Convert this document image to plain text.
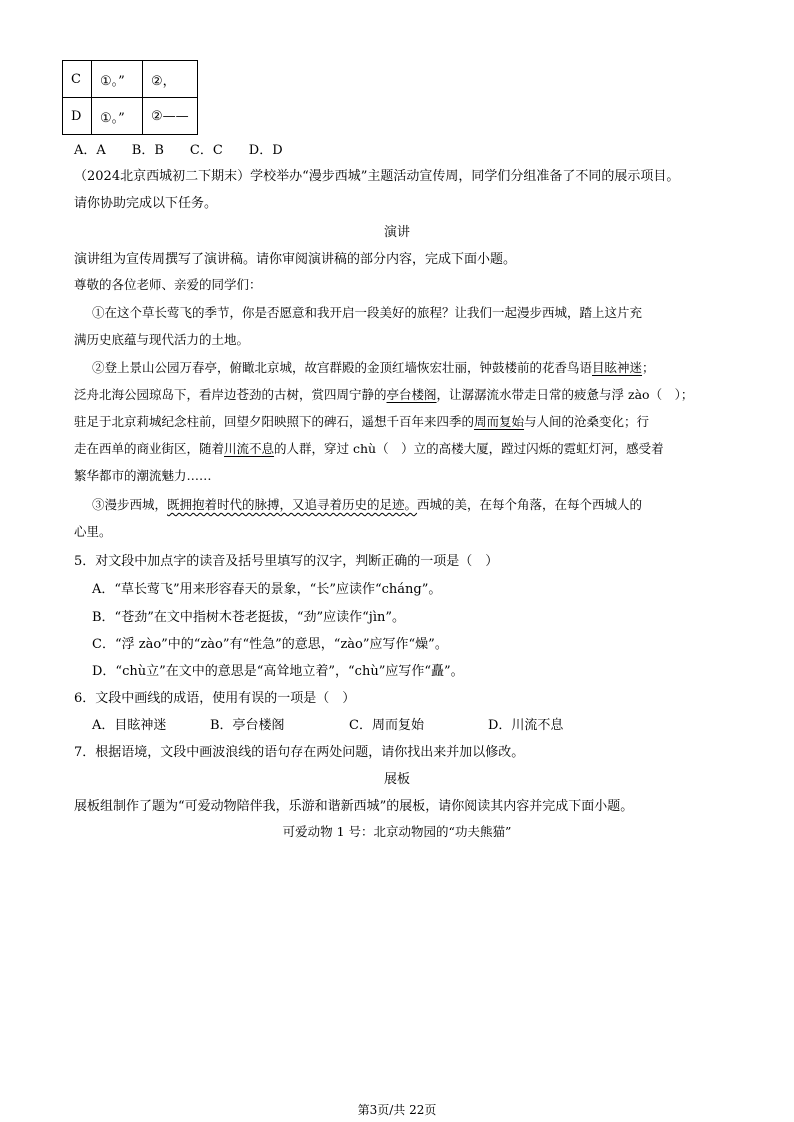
C	①。”	②，
D	①。”	②——
A．A　　B．B　　C．C　　D．D
（2024北京西城初二下期末）学校举办“漫步西城”主题活动宣传周，同学们分组准备了不同的展示项目。
请你协助完成以下任务。
演讲
演讲组为宣传周撰写了演讲稿。请你审阅演讲稿的部分内容，完成下面小题。
尊敬的各位老师、亲爱的同学们：
①在这个草长莺飞的季节，你是否愿意和我开启一段美好的旅程？让我们一起漫步西城，踏上这片充
满历史底蕴与现代活力的土地。
②登上景山公园万春亭，俯瞰北京城，故宫群殿的金顶红墙恢宏壮丽，钟鼓楼前的花香鸟语目眩神迷；
泛舟北海公园琼岛下，看岸边苍劲的古树，赏四周宁静的亭台楼阁，让潺潺流水带走日常的疲惫与浮 zào（　）；
驻足于北京莉城纪念柱前，回望夕阳映照下的碑石，遥想千百年来四季的周而复始与人间的沧桑变化；行
走在西单的商业街区，随着川流不息的人群，穿过 chù（　）立的高楼大厦，蹚过闪烁的霓虹灯河，感受着
繁华都市的潮流魅力……
③漫步西城，既拥抱着时代的脉搏，又追寻着历史的足迹。西城的美，在每个角落，在每个西城人的
心里。
5．对文段中加点字的读音及括号里填写的汉字，判断正确的一项是（　）
A．“草长莺飞”用来形容春天的景象，“长”应读作“cháng”。
B．“苍劲”在文中指树木苍老挺拔，“劲”应读作“jìn”。
C．“浮 zào”中的“zào”有“性急”的意思，“zào”应写作“燥”。
D．“chù立”在文中的意思是“高耸地立着”，“chù”应写作“矗”。
6．文段中画线的成语，使用有误的一项是（　）
A．目眩神迷	B．亭台楼阁	C．周而复始	D．川流不息
7．根据语境，文段中画波浪线的语句存在两处问题，请你找出来并加以修改。
展板
展板组制作了题为“可爱动物陪伴我，乐游和谐新西城”的展板，请你阅读其内容并完成下面小题。
可爱动物 1 号：北京动物园的“功夫熊猫”
第3页/共 22页
